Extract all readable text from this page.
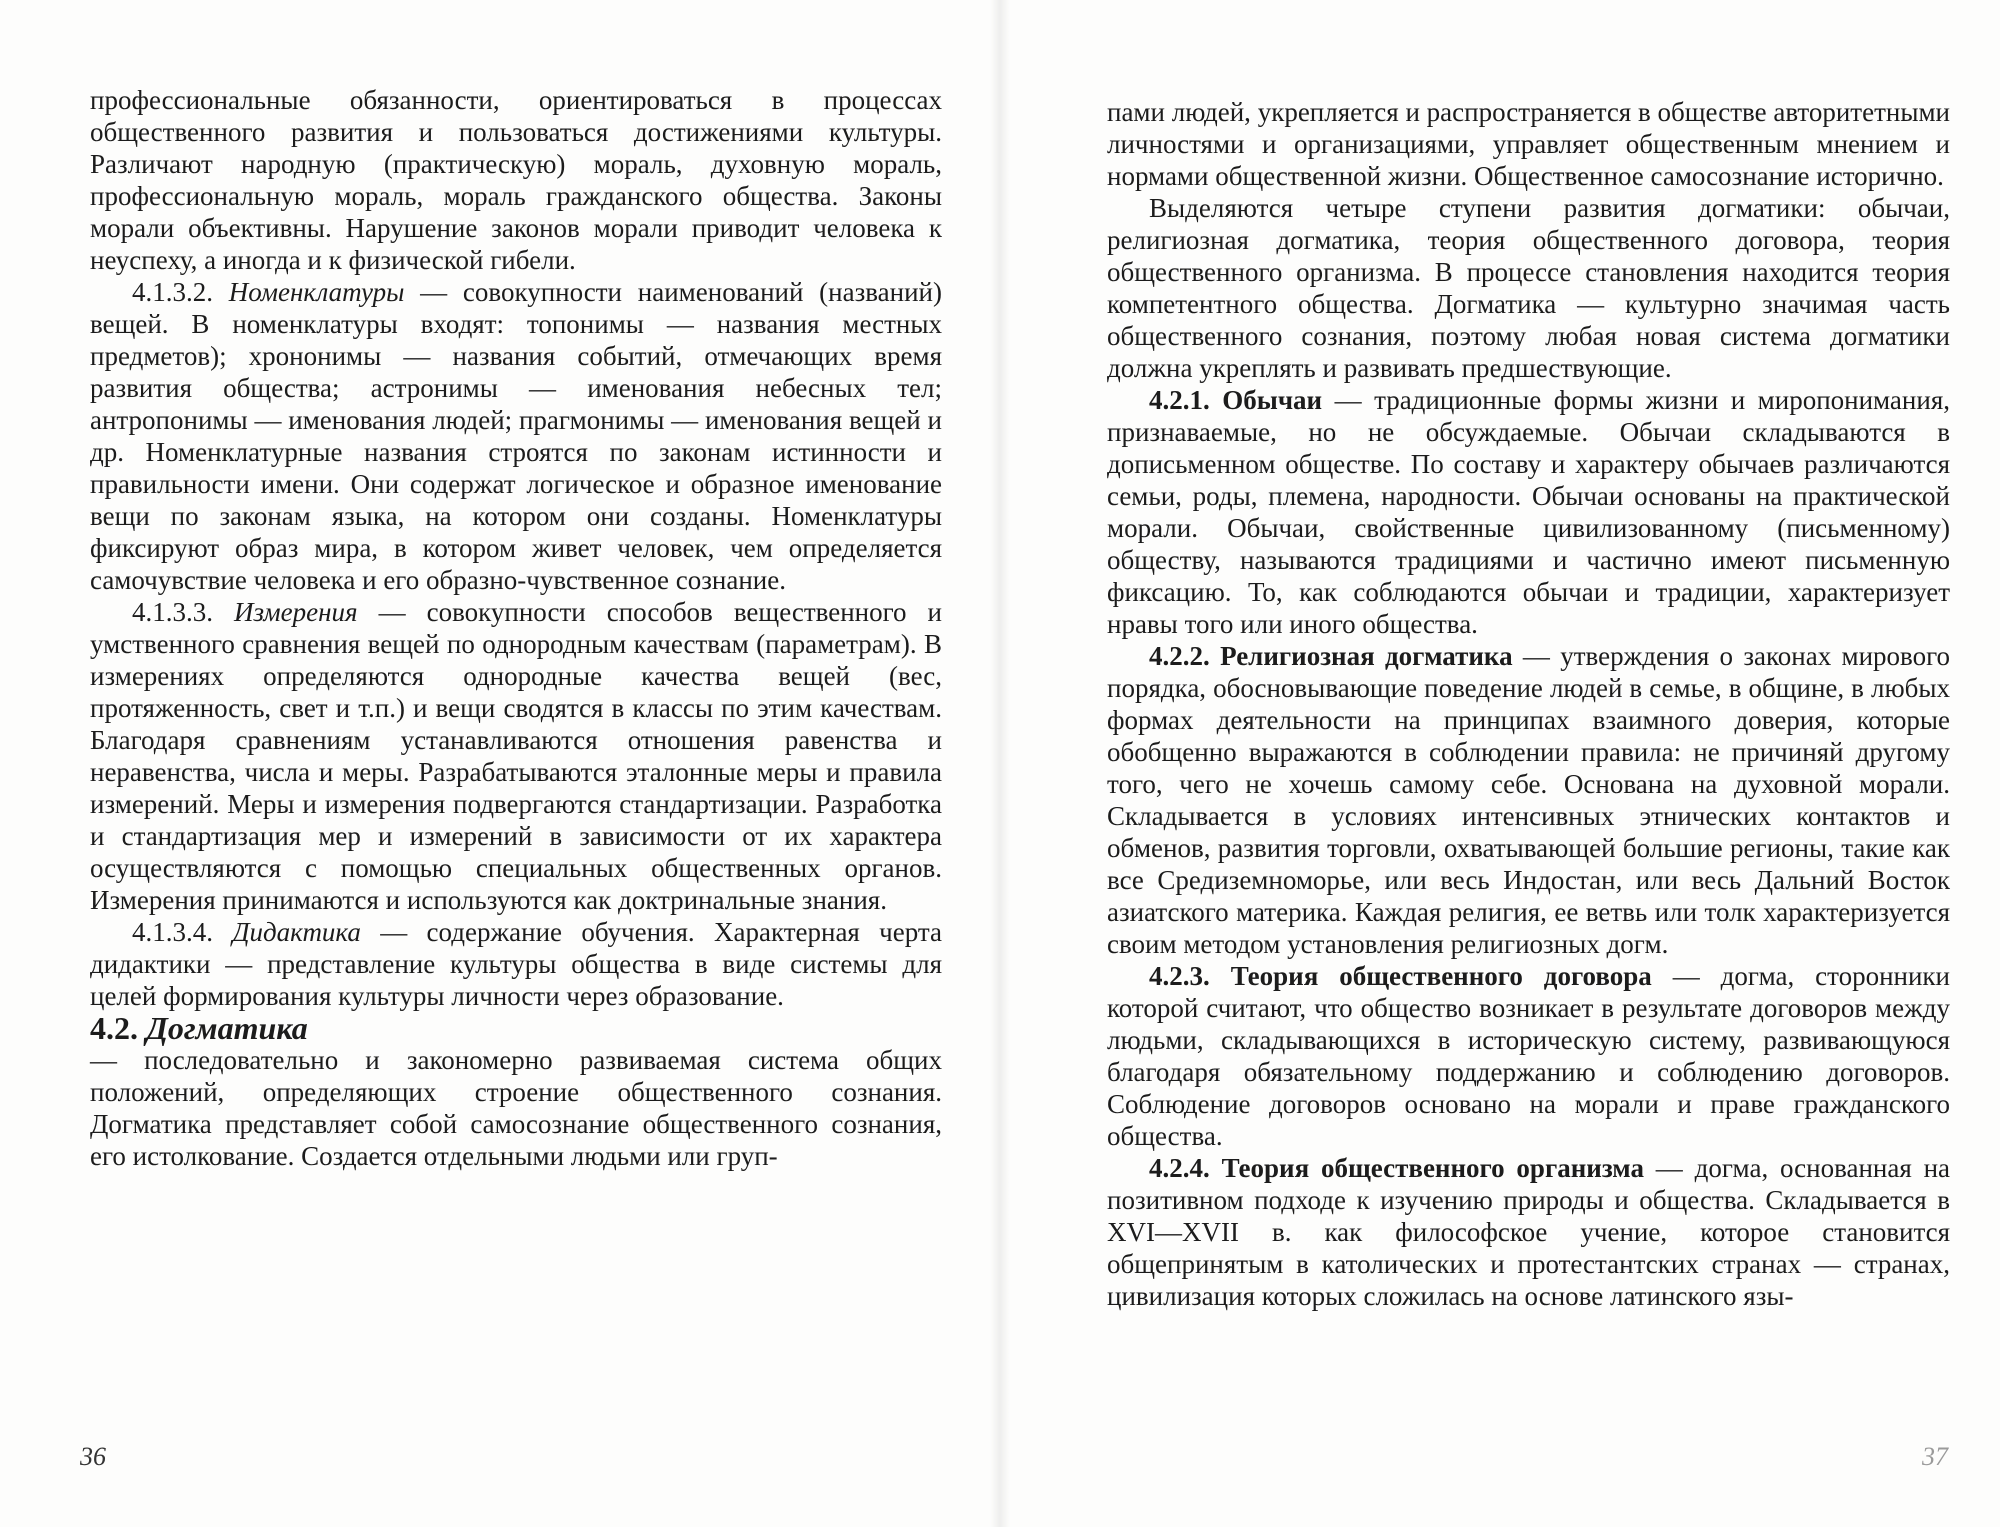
профессиональные обязанности, ориентироваться в процессах общественного развития и пользоваться достижениями культуры. Различают народную (практическую) мораль, духовную мораль, профессиональную мораль, мораль гражданского общества. Законы морали объективны. Нарушение законов морали приводит человека к неуспеху, а иногда и к физической гибели.

4.1.3.2. Номенклатуры — совокупности наименований (названий) вещей. В номенклатуры входят: топонимы — названия местных предметов); хрононимы — названия событий, отмечающих время развития общества; астронимы — именования небесных тел; антропонимы — именования людей; прагмонимы — именования вещей и др. Номенклатурные названия строятся по законам истинности и правильности имени. Они содержат логическое и образное именование вещи по законам языка, на котором они созданы. Номенклатуры фиксируют образ мира, в котором живет человек, чем определяется самочувствие человека и его образно-чувственное сознание.

4.1.3.3. Измерения — совокупности способов вещественного и умственного сравнения вещей по однородным качествам (параметрам). В измерениях определяются однородные качества вещей (вес, протяженность, свет и т.п.) и вещи сводятся в классы по этим качествам. Благодаря сравнениям устанавливаются отношения равенства и неравенства, числа и меры. Разрабатываются эталонные меры и правила измерений. Меры и измерения подвергаются стандартизации. Разработка и стандартизация мер и измерений в зависимости от их характера осуществляются с помощью специальных общественных органов. Измерения принимаются и используются как доктринальные знания.

4.1.3.4. Дидактика — содержание обучения. Характерная черта дидактики — представление культуры общества в виде системы для целей формирования культуры личности через образование.

4.2. Догматика

— последовательно и закономерно развиваемая система общих положений, определяющих строение общественного сознания. Догматика представляет собой самосознание общественного сознания, его истолкование. Создается отдельными людьми или груп-

36

пами людей, укрепляется и распространяется в обществе авторитетными личностями и организациями, управляет общественным мнением и нормами общественной жизни. Общественное самосознание исторично.

Выделяются четыре ступени развития догматики: обычаи, религиозная догматика, теория общественного договора, теория общественного организма. В процессе становления находится теория компетентного общества. Догматика — культурно значимая часть общественного сознания, поэтому любая новая система догматики должна укреплять и развивать предшествующие.

4.2.1. Обычаи — традиционные формы жизни и миропонимания, признаваемые, но не обсуждаемые. Обычаи складываются в дописьменном обществе. По составу и характеру обычаев различаются семьи, роды, племена, народности. Обычаи основаны на практической морали. Обычаи, свойственные цивилизованному (письменному) обществу, называются традициями и частично имеют письменную фиксацию. То, как соблюдаются обычаи и традиции, характеризует нравы того или иного общества.

4.2.2. Религиозная догматика — утверждения о законах мирового порядка, обосновывающие поведение людей в семье, в общине, в любых формах деятельности на принципах взаимного доверия, которые обобщенно выражаются в соблюдении правила: не причиняй другому того, чего не хочешь самому себе. Основана на духовной морали. Складывается в условиях интенсивных этнических контактов и обменов, развития торговли, охватывающей большие регионы, такие как все Средиземноморье, или весь Индостан, или весь Дальний Восток азиатского материка. Каждая религия, ее ветвь или толк характеризуется своим методом установления религиозных догм.

4.2.3. Теория общественного договора — догма, сторонники которой считают, что общество возникает в результате договоров между людьми, складывающихся в историческую систему, развивающуюся благодаря обязательному поддержанию и соблюдению договоров. Соблюдение договоров основано на морали и праве гражданского общества.

4.2.4. Теория общественного организма — догма, основанная на позитивном подходе к изучению природы и общества. Складывается в XVI—XVII в. как философское учение, которое становится общепринятым в католических и протестантских странах — странах, цивилизация которых сложилась на основе латинского язы-

37
